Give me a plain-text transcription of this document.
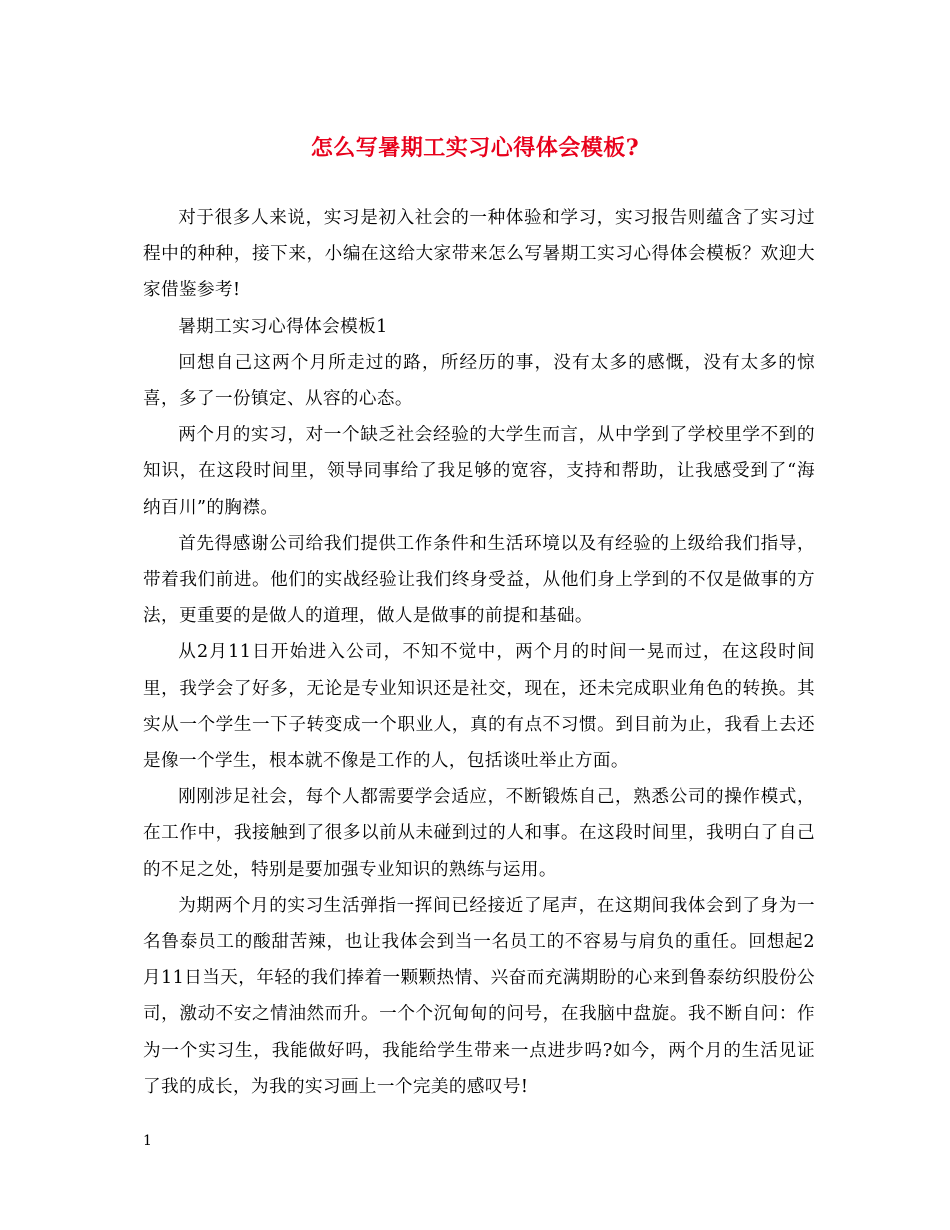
怎么写暑期工实习心得体会模板?

对于很多人来说，实习是初入社会的一种体验和学习，实习报告则蕴含了实习过程中的种种，接下来，小编在这给大家带来怎么写暑期工实习心得体会模板？欢迎大家借鉴参考!

暑期工实习心得体会模板1

回想自己这两个月所走过的路，所经历的事，没有太多的感慨，没有太多的惊喜，多了一份镇定、从容的心态。

两个月的实习，对一个缺乏社会经验的大学生而言，从中学到了学校里学不到的知识，在这段时间里，领导同事给了我足够的宽容，支持和帮助，让我感受到了“海纳百川”的胸襟。

首先得感谢公司给我们提供工作条件和生活环境以及有经验的上级给我们指导，带着我们前进。他们的实战经验让我们终身受益，从他们身上学到的不仅是做事的方法，更重要的是做人的道理，做人是做事的前提和基础。

从2月11日开始进入公司，不知不觉中，两个月的时间一晃而过，在这段时间里，我学会了好多，无论是专业知识还是社交，现在，还未完成职业角色的转换。其实从一个学生一下子转变成一个职业人，真的有点不习惯。到目前为止，我看上去还是像一个学生，根本就不像是工作的人，包括谈吐举止方面。

刚刚涉足社会，每个人都需要学会适应，不断锻炼自己，熟悉公司的操作模式，在工作中，我接触到了很多以前从未碰到过的人和事。在这段时间里，我明白了自己的不足之处，特别是要加强专业知识的熟练与运用。

为期两个月的实习生活弹指一挥间已经接近了尾声，在这期间我体会到了身为一名鲁泰员工的酸甜苦辣，也让我体会到当一名员工的不容易与肩负的重任。回想起2月11日当天，年轻的我们捧着一颗颗热情、兴奋而充满期盼的心来到鲁泰纺织股份公司，激动不安之情油然而升。一个个沉甸甸的问号，在我脑中盘旋。我不断自问：作为一个实习生，我能做好吗，我能给学生带来一点进步吗?如今，两个月的生活见证了我的成长，为我的实习画上一个完美的感叹号!

1
